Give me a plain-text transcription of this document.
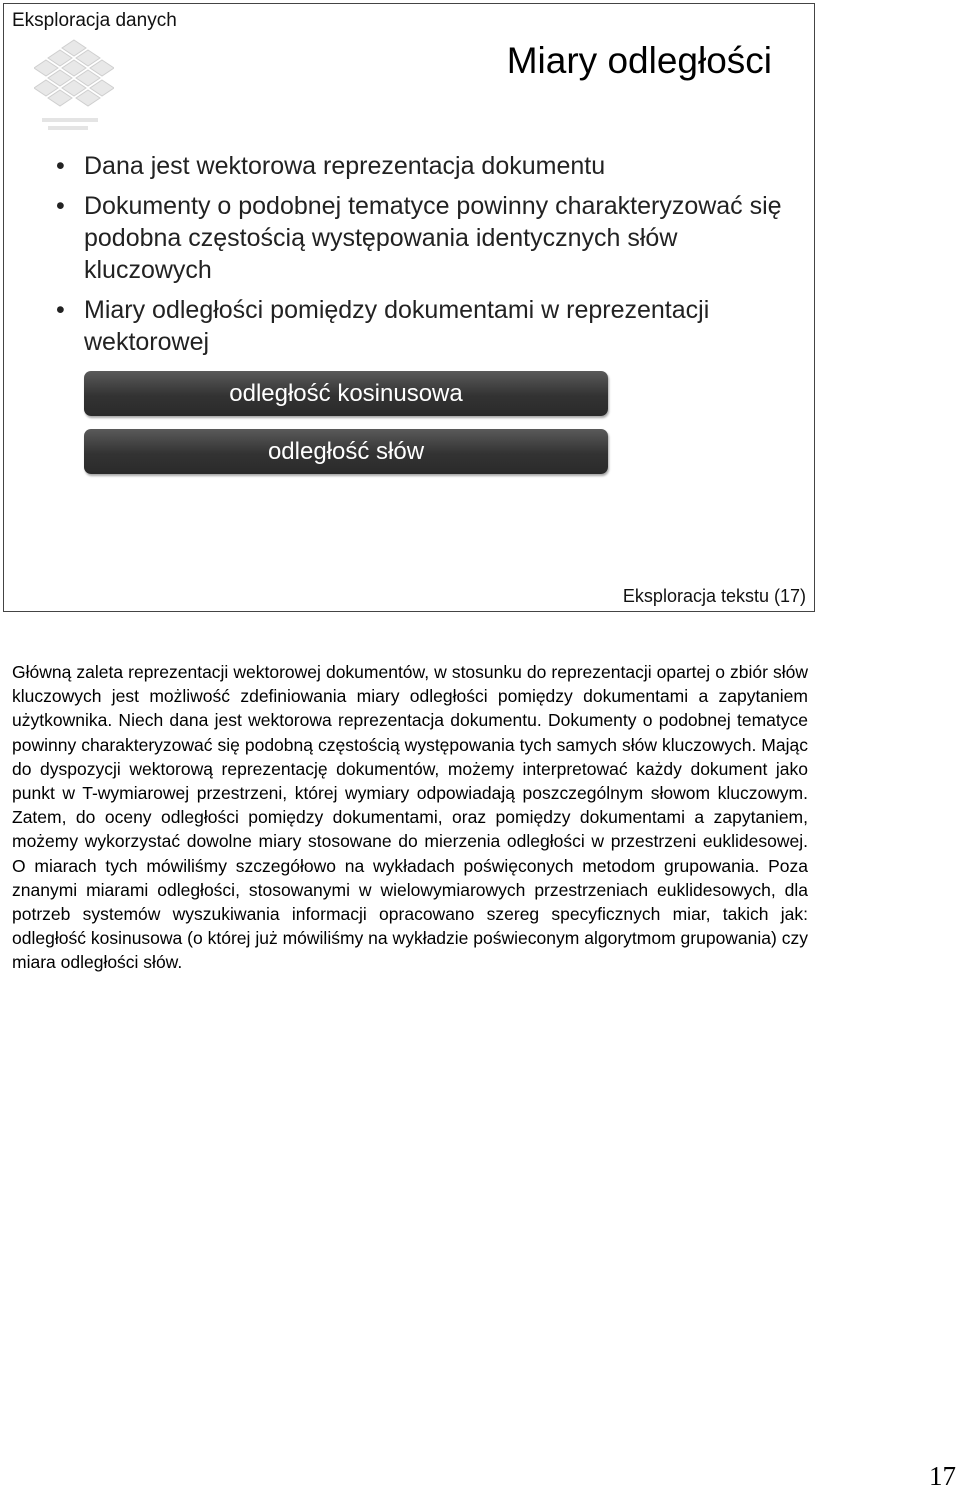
Eksploracja danych
Miary odległości
• Dana jest wektorowa reprezentacja dokumentu
• Dokumenty o podobnej tematyce powinny charakteryzować się podobna częstością występowania identycznych słów kluczowych
• Miary odległości pomiędzy dokumentami w reprezentacji wektorowej
odległość kosinusowa
odległość słów
Eksploracja tekstu (17)

Główną zaleta reprezentacji wektorowej dokumentów, w stosunku do reprezentacji opartej o zbiór słów kluczowych jest możliwość zdefiniowania miary odległości pomiędzy dokumentami a zapytaniem użytkownika. Niech dana jest wektorowa reprezentacja dokumentu. Dokumenty o podobnej tematyce powinny charakteryzować się podobną częstością występowania tych samych słów kluczowych. Mając do dyspozycji wektorową reprezentację dokumentów, możemy interpretować każdy dokument jako punkt w T-wymiarowej przestrzeni, której wymiary odpowiadają poszczególnym słowom kluczowym. Zatem, do oceny odległości pomiędzy dokumentami, oraz pomiędzy dokumentami a zapytaniem, możemy wykorzystać dowolne miary stosowane do mierzenia odległości w przestrzeni euklidesowej. O miarach tych mówiliśmy szczegółowo na wykładach poświęconych metodom grupowania. Poza znanymi miarami odległości, stosowanymi w wielowymiarowych przestrzeniach euklidesowych, dla potrzeb systemów wyszukiwania informacji opracowano szereg specyficznych miar, takich jak: odległość kosinusowa (o której już mówiliśmy na wykładzie poświeconym algorytmom grupowania) czy miara odległości słów.

17
